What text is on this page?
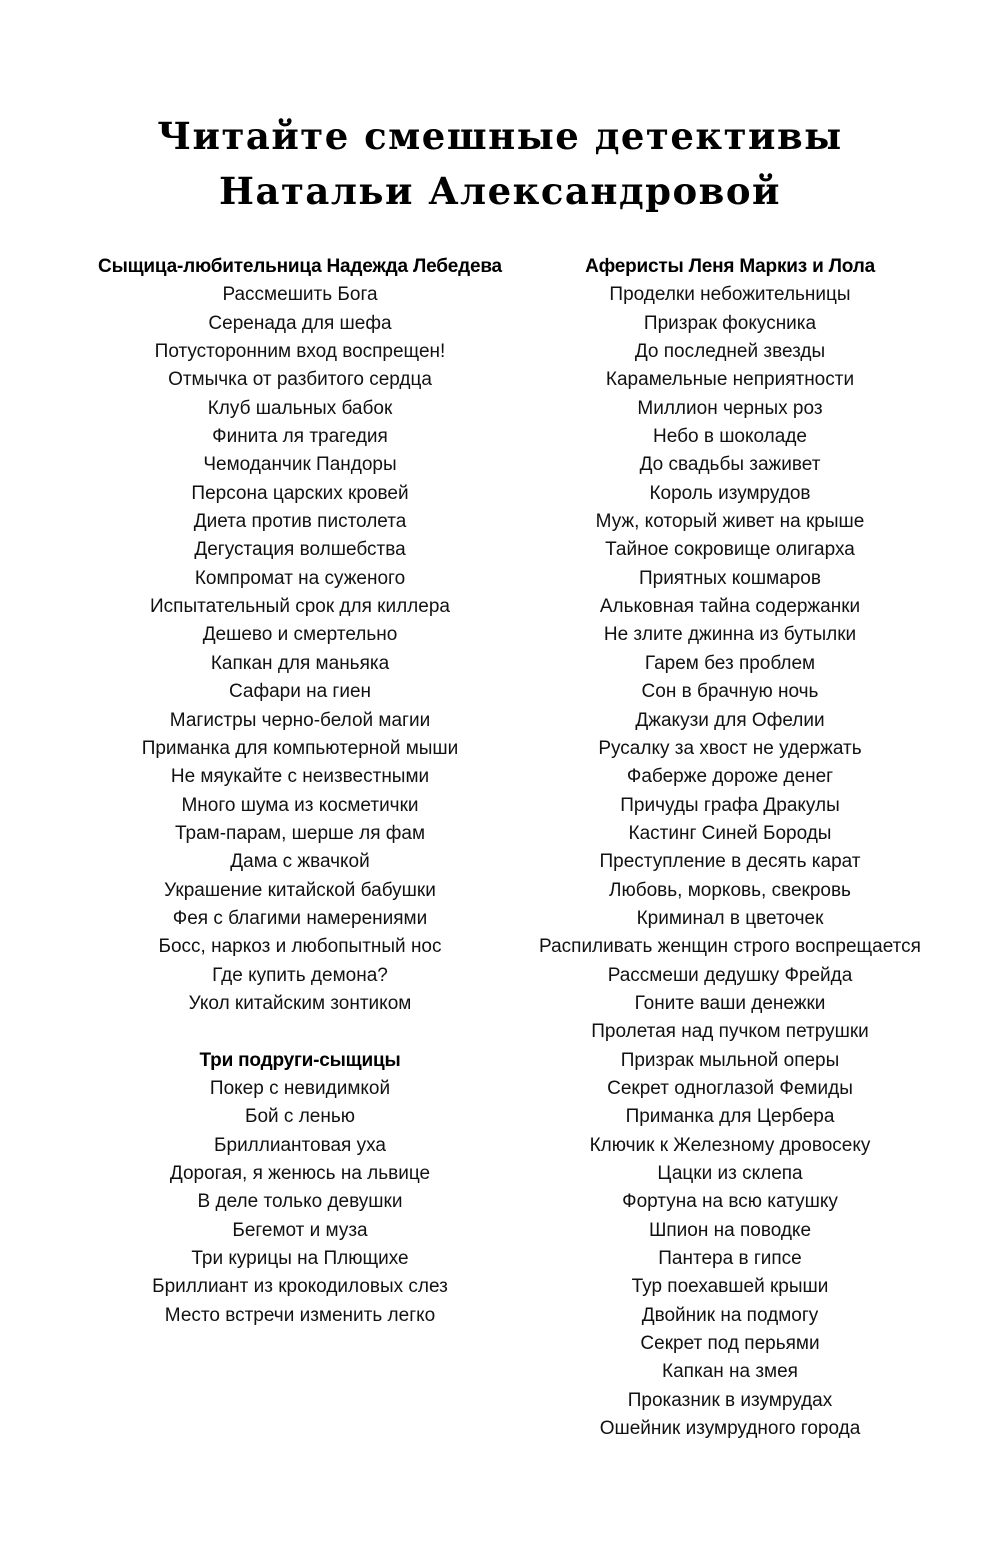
Читайте смешные детективы
Натальи Александровой
Сыщица-любительница Надежда Лебедева
Рассмешить Бога
Серенада для шефа
Потусторонним вход воспрещен!
Отмычка от разбитого сердца
Клуб шальных бабок
Финита ля трагедия
Чемоданчик Пандоры
Персона царских кровей
Диета против пистолета
Дегустация волшебства
Компромат на суженого
Испытательный срок для киллера
Дешево и смертельно
Капкан для маньяка
Сафари на гиен
Магистры черно-белой магии
Приманка для компьютерной мыши
Не мяукайте с неизвестными
Много шума из косметички
Трам-парам, шерше ля фам
Дама с жвачкой
Украшение китайской бабушки
Фея с благими намерениями
Босс, наркоз и любопытный нос
Где купить демона?
Укол китайским зонтиком
Три подруги-сыщицы
Покер с невидимкой
Бой с ленью
Бриллиантовая уха
Дорогая, я женюсь на львице
В деле только девушки
Бегемот и муза
Три курицы на Плющихе
Бриллиант из крокодиловых слез
Место встречи изменить легко
Аферисты Леня Маркиз и Лола
Проделки небожительницы
Призрак фокусника
До последней звезды
Карамельные неприятности
Миллион черных роз
Небо в шоколаде
До свадьбы заживет
Король изумрудов
Муж, который живет на крыше
Тайное сокровище олигарха
Приятных кошмаров
Альковная тайна содержанки
Не злите джинна из бутылки
Гарем без проблем
Сон в брачную ночь
Джакузи для Офелии
Русалку за хвост не удержать
Фаберже дороже денег
Причуды графа Дракулы
Кастинг Синей Бороды
Преступление в десять карат
Любовь, морковь, свекровь
Криминал в цветочек
Распиливать женщин строго воспрещается
Рассмеши дедушку Фрейда
Гоните ваши денежки
Пролетая над пучком петрушки
Призрак мыльной оперы
Секрет одноглазой Фемиды
Приманка для Цербера
Ключик к Железному дровосеку
Цацки из склепа
Фортуна на всю катушку
Шпион на поводке
Пантера в гипсе
Тур поехавшей крыши
Двойник на подмогу
Секрет под перьями
Капкан на змея
Проказник в изумрудах
Ошейник изумрудного города
